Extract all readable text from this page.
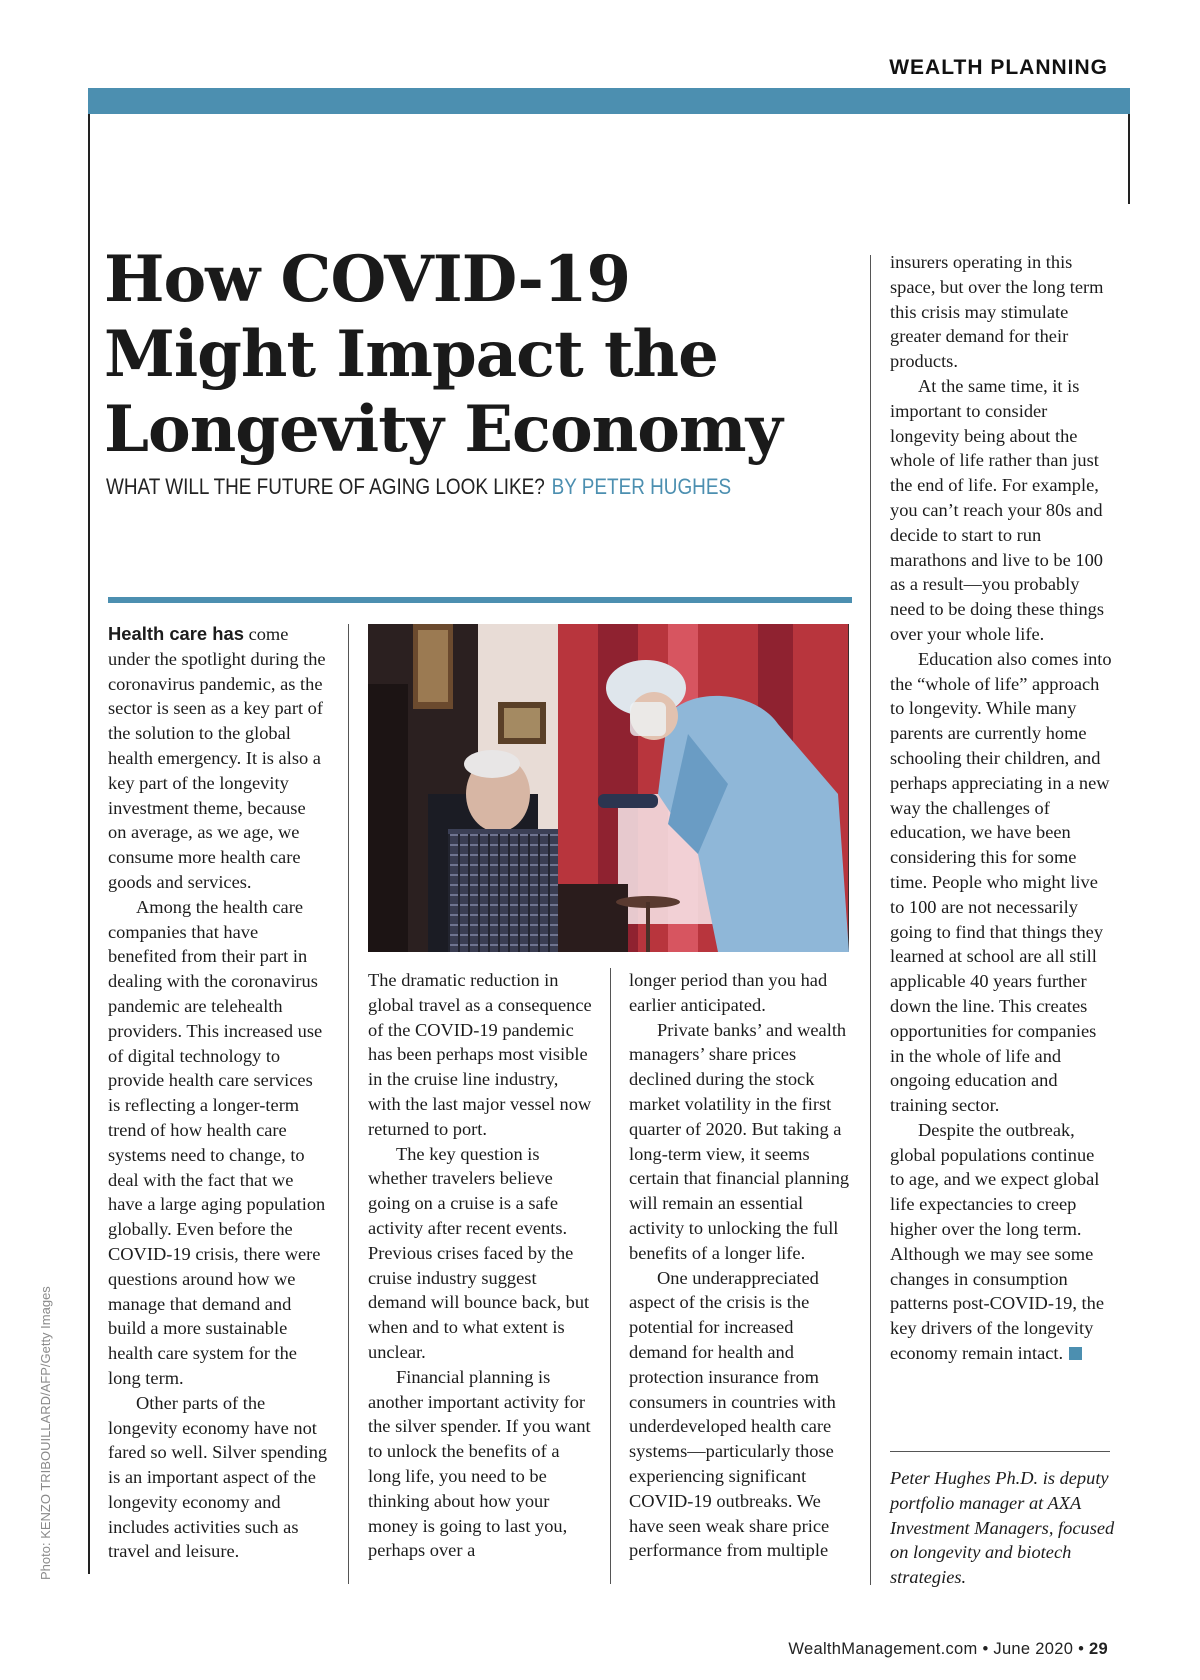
WEALTH PLANNING
How COVID-19 Might Impact the Longevity Economy
WHAT WILL THE FUTURE OF AGING LOOK LIKE? BY PETER HUGHES

Health care has come under the spotlight during the coronavirus pandemic, as the sector is seen as a key part of the solution to the global health emergency. It is also a key part of the longevity investment theme, because on average, as we age, we consume more health care goods and services.

Among the health care companies that have benefited from their part in dealing with the coronavirus pandemic are telehealth providers. This increased use of digital technology to provide health care services is reflecting a longer-term trend of how health care systems need to change, to deal with the fact that we have a large aging population globally. Even before the COVID-19 crisis, there were questions around how we manage that demand and build a more sustainable health care system for the long term.

Other parts of the longevity economy have not fared so well. Silver spending is an important aspect of the longevity economy and includes activities such as travel and leisure.

The dramatic reduction in global travel as a consequence of the COVID-19 pandemic has been perhaps most visible in the cruise line industry, with the last major vessel now returned to port.

The key question is whether travelers believe going on a cruise is a safe activity after recent events. Previous crises faced by the cruise industry suggest demand will bounce back, but when and to what extent is unclear.

Financial planning is another important activity for the silver spender. If you want to unlock the benefits of a long life, you need to be thinking about how your money is going to last you, perhaps over a

longer period than you had earlier anticipated.

Private banks’ and wealth managers’ share prices declined during the stock market volatility in the first quarter of 2020. But taking a long-term view, it seems certain that financial planning will remain an essential activity to unlocking the full benefits of a longer life.

One underappreciated aspect of the crisis is the potential for increased demand for health and protection insurance from consumers in countries with underdeveloped health care systems—particularly those experiencing significant COVID-19 outbreaks. We have seen weak share price performance from multiple

insurers operating in this space, but over the long term this crisis may stimulate greater demand for their products.

At the same time, it is important to consider longevity being about the whole of life rather than just the end of life. For example, you can’t reach your 80s and decide to start to run marathons and live to be 100 as a result—you probably need to be doing these things over your whole life.

Education also comes into the “whole of life” approach to longevity. While many parents are currently home schooling their children, and perhaps appreciating in a new way the challenges of education, we have been considering this for some time. People who might live to 100 are not necessarily going to find that things they learned at school are all still applicable 40 years further down the line. This creates opportunities for companies in the whole of life and ongoing education and training sector.

Despite the outbreak, global populations continue to age, and we expect global life expectancies to creep higher over the long term. Although we may see some changes in consumption patterns post-COVID-19, the key drivers of the longevity economy remain intact.

Peter Hughes Ph.D. is deputy portfolio manager at AXA Investment Managers, focused on longevity and biotech strategies.
Photo: KENZO TRIBOUILLARD/AFP/Getty Images
WealthManagement.com • June 2020 • 29
